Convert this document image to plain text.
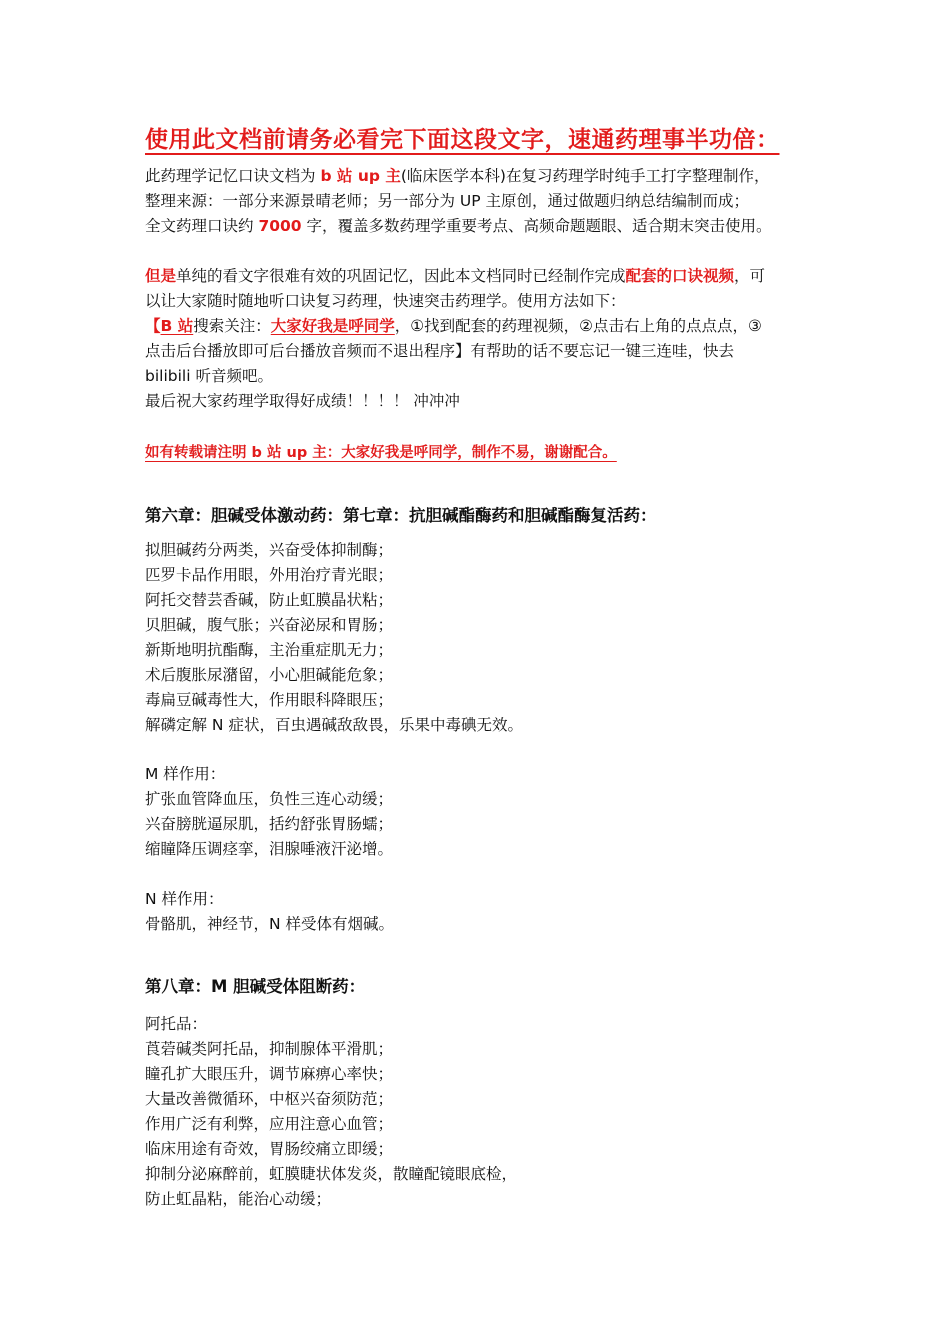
使用此文档前请务必看完下面这段文字，速通药理事半功倍：
此药理学记忆口诀文档为 b 站 up 主(临床医学本科)在复习药理学时纯手工打字整理制作，
整理来源：一部分来源景晴老师；另一部分为 UP 主原创，通过做题归纳总结编制而成；
全文药理口诀约 7000 字，覆盖多数药理学重要考点、高频命题题眼、适合期末突击使用。
但是单纯的看文字很难有效的巩固记忆，因此本文档同时已经制作完成配套的口诀视频，可
以让大家随时随地听口诀复习药理，快速突击药理学。使用方法如下：
【B 站搜索关注：大家好我是呼同学，①找到配套的药理视频，②点击右上角的点点点，③
点击后台播放即可后台播放音频而不退出程序】有帮助的话不要忘记一键三连哇，快去
bilibili 听音频吧。
最后祝大家药理学取得好成绩！！！！ 冲冲冲
如有转载请注明 b 站 up 主：大家好我是呼同学，制作不易，谢谢配合。
第六章：胆碱受体激动药：第七章：抗胆碱酯酶药和胆碱酯酶复活药：
拟胆碱药分两类，兴奋受体抑制酶；
匹罗卡品作用眼，外用治疗青光眼；
阿托交替芸香碱，防止虹膜晶状粘；
贝胆碱，腹气胀；兴奋泌尿和胃肠；
新斯地明抗酯酶，主治重症肌无力；
术后腹胀尿潴留，小心胆碱能危象；
毒扁豆碱毒性大，作用眼科降眼压；
解磷定解 N 症状，百虫遇碱敌敌畏，乐果中毒碘无效。
M 样作用：
扩张血管降血压，负性三连心动缓；
兴奋膀胱逼尿肌，括约舒张胃肠蠕；
缩瞳降压调痉挛，泪腺唾液汗泌增。
N 样作用：
骨骼肌，神经节，N 样受体有烟碱。
第八章：M 胆碱受体阻断药：
阿托品：
莨菪碱类阿托品，抑制腺体平滑肌；
瞳孔扩大眼压升，调节麻痹心率快；
大量改善微循环，中枢兴奋须防范；
作用广泛有利弊，应用注意心血管；
临床用途有奇效，胃肠绞痛立即缓；
抑制分泌麻醉前，虹膜睫状体发炎，散瞳配镜眼底检，
防止虹晶粘，能治心动缓；
